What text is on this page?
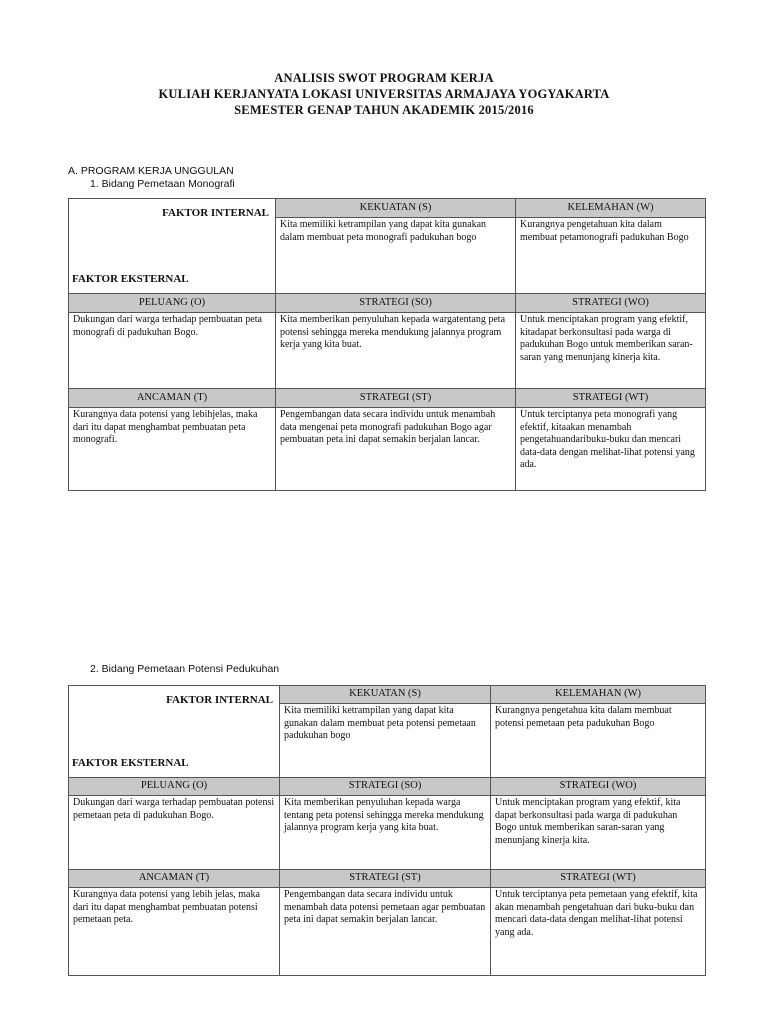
ANALISIS SWOT PROGRAM KERJA
KULIAH KERJANYATA LOKASI UNIVERSITAS ARMAJAYA YOGYAKARTA
SEMESTER GENAP TAHUN AKADEMIK 2015/2016
A. PROGRAM KERJA UNGGULAN
1. Bidang Pemetaan Monografi
FAKTOR INTERNAL
FAKTOR EKSTERNAL	KEKUATAN (S)	KELEMAHAN (W)
	Kita memiliki ketrampilan yang dapat kita gunakan dalam membuat peta monografi padukuhan bogo	Kurangnya pengetahuan kita dalam membuat petamonografi padukuhan Bogo
PELUANG (O)	STRATEGI (SO)	STRATEGI (WO)
Dukungan dari warga terhadap pembuatan peta monografi di padukuhan Bogo.	Kita memberikan penyuluhan kepada wargatentang peta potensi sehingga mereka mendukung jalannya program kerja yang kita buat.	Untuk menciptakan program yang efektif, kitadapat berkonsultasi pada warga di padukuhan Bogo untuk memberikan saran-saran yang menunjang kinerja kita.
ANCAMAN (T)	STRATEGI (ST)	STRATEGI (WT)
Kurangnya data potensi yang lebihjelas, maka dari itu dapat menghambat pembuatan peta monografi.	Pengembangan data secara individu untuk menambah data mengenai peta monografi padukuhan Bogo agar pembuatan peta ini dapat semakin berjalan lancar.	Untuk terciptanya peta monografi yang efektif, kitaakan menambah pengetahuandaribuku-buku dan mencari data-data dengan melihat-lihat potensi yang ada.
2. Bidang Pemetaan Potensi Pedukuhan
FAKTOR INTERNAL
FAKTOR EKSTERNAL	KEKUATAN (S)	KELEMAHAN (W)
	Kita memiliki ketrampilan yang dapat kita gunakan dalam membuat peta potensi pemetaan padukuhan bogo	Kurangnya pengetahua kita dalam membuat potensi pemetaan peta padukuhan Bogo
PELUANG (O)	STRATEGI (SO)	STRATEGI (WO)
Dukungan dari warga terhadap pembuatan potensi pemetaan peta di padukuhan Bogo.	Kita memberikan penyuluhan kepada warga tentang peta potensi sehingga mereka mendukung jalannya program kerja yang kita buat.	Untuk menciptakan program yang efektif, kita dapat berkonsultasi pada warga di padukuhan Bogo untuk memberikan saran-saran yang menunjang kinerja kita.
ANCAMAN (T)	STRATEGI (ST)	STRATEGI (WT)
Kurangnya data potensi yang lebih jelas, maka dari itu dapat menghambat pembuatan potensi pemetaan peta.	Pengembangan data secara individu untuk menambah data potensi pemetaan agar pembuatan peta ini dapat semakin berjalan lancar.	Untuk terciptanya peta pemetaan yang efektif, kita akan menambah pengetahuan dari buku-buku dan mencari data-data dengan melihat-lihat potensi yang ada.
